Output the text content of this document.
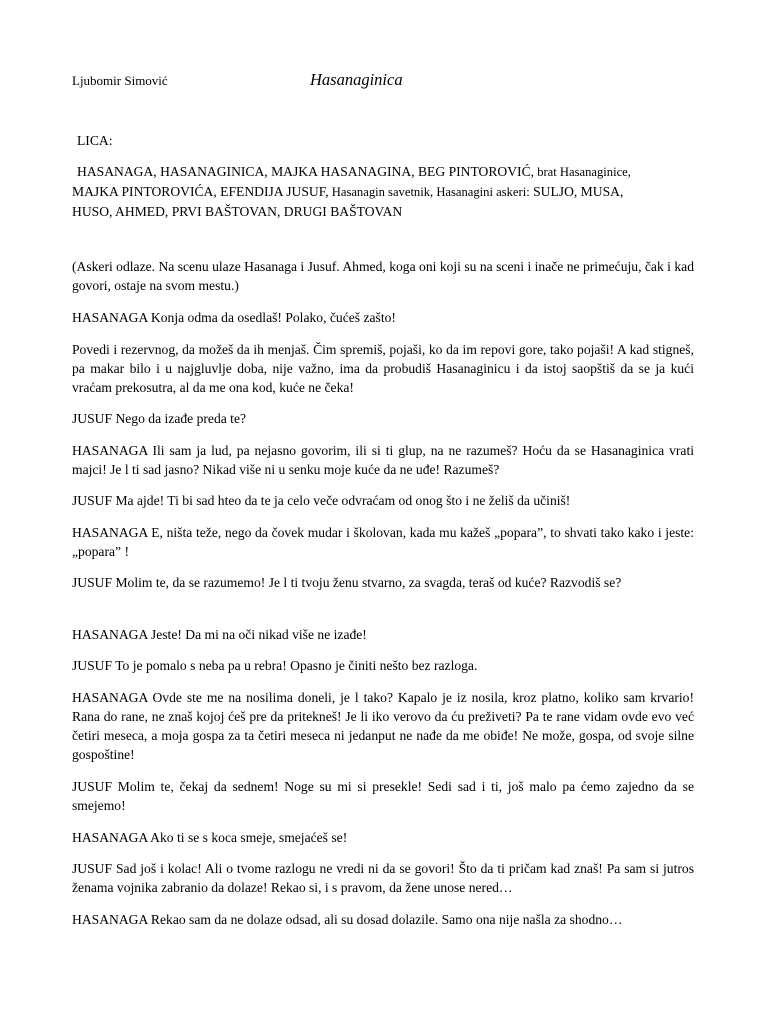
Ljubomir Simović	Hasanaginica

LICA:

HASANAGA, HASANAGINICA, MAJKA HASANAGINA, BEG PINTOROVIĆ, brat Hasanaginice,
MAJKA PINTOROVIĆA, EFENDIJA JUSUF, Hasanagin savetnik, Hasanagini askeri: SULJO, MUSA,
HUSO, AHMED, PRVI BAŠTOVAN, DRUGI BAŠTOVAN

(Askeri odlaze. Na scenu ulaze Hasanaga i Jusuf. Ahmed, koga oni koji su na sceni i inače ne primećuju, čak i kad govori, ostaje na svom mestu.)

HASANAGA Konja odma da osedlaš! Polako, čućeš zašto!

Povedi i rezervnog, da možeš da ih menjaš. Čim spremiš, pojaši, ko da im repovi gore, tako pojaši! A kad stigneš, pa makar bilo i u najgluvlje doba, nije važno, ima da probudiš Hasanaginicu i da istoj saopštiš da se ja kući vraćam prekosutra, al da me ona kod, kuće ne čeka!

JUSUF Nego da izađe preda te?

HASANAGA Ili sam ja lud, pa nejasno govorim, ili si ti glup, na ne razumeš? Hoću da se Hasanaginica vrati majci! Je l ti sad jasno? Nikad više ni u senku moje kuće da ne uđe! Razumeš?

JUSUF Ma ajde! Ti bi sad hteo da te ja celo veče odvraćam od onog što i ne želiš da učiniš!

HASANAGA E, ništa teže, nego da čovek mudar i školovan, kada mu kažeš „popara”, to shvati tako kako i jeste: „popara” !

JUSUF Molim te, da se razumemo! Je l ti tvoju ženu stvarno, za svagda, teraš od kuće? Razvodiš se?

HASANAGA Jeste! Da mi na oči nikad više ne izađe!

JUSUF To je pomalo s neba pa u rebra! Opasno je činiti nešto bez razloga.

HASANAGA Ovde ste me na nosilima doneli, je l tako? Kapalo je iz nosila, kroz platno, koliko sam krvario! Rana do rane, ne znaš kojoj ćeš pre da pritekneš! Je li iko verovo da ću preživeti? Pa te rane vidam ovde evo već četiri meseca, a moja gospa za ta četiri meseca ni jedanput ne nađe da me obiđe! Ne može, gospa, od svoje silne gospoštine!

JUSUF Molim te, čekaj da sednem! Noge su mi si presekle! Sedi sad i ti, još malo pa ćemo zajedno da se smejemo!

HASANAGA Ako ti se s koca smeje, smejaćeš se!

JUSUF Sad još i kolac! Ali o tvome razlogu ne vredi ni da se govori! Što da ti pričam kad znaš! Pa sam si jutros ženama vojnika zabranio da dolaze! Rekao si, i s pravom, da žene unose nered…

HASANAGA Rekao sam da ne dolaze odsad, ali su dosad dolazile. Samo ona nije našla za shodno…
